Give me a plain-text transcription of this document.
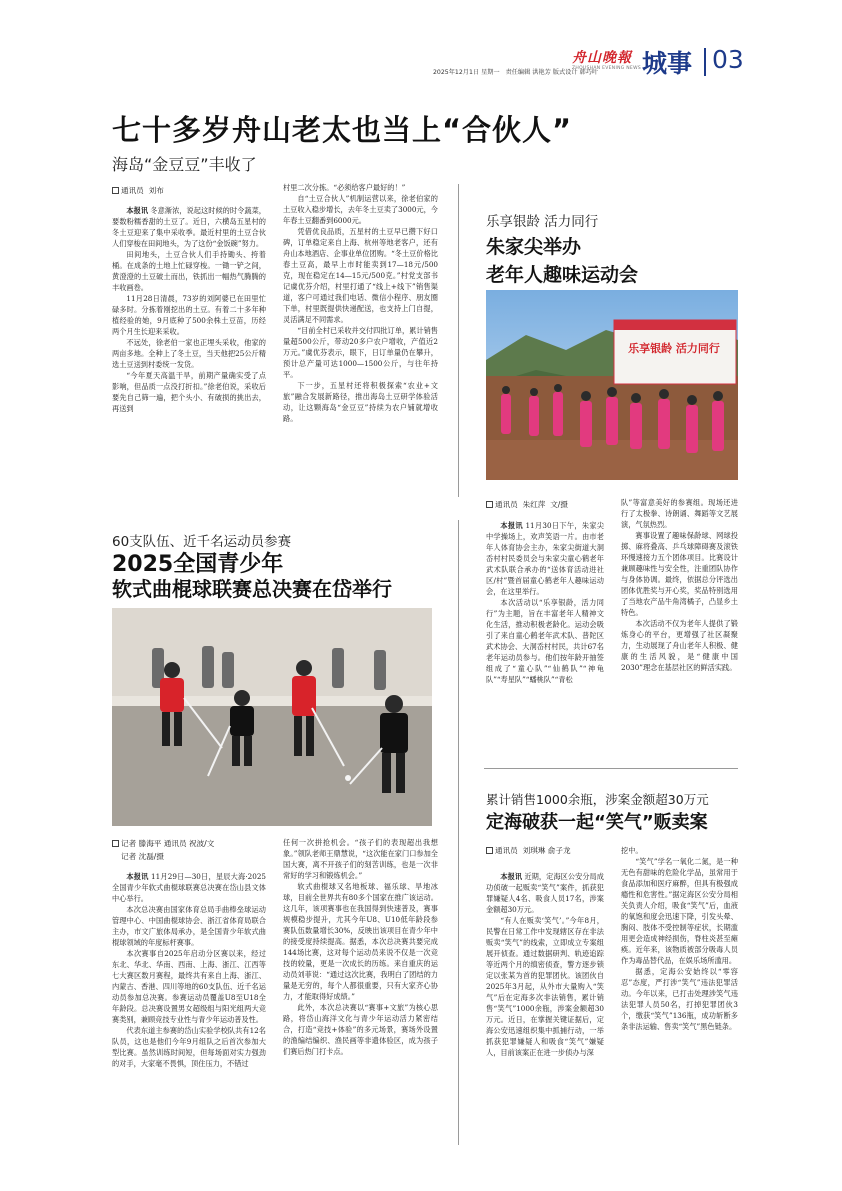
舟山晚報
ZHOUSHAN EVENING NEWS
2025年12月1日 星期一 责任编辑 洪艳芳 版式设计 韩巧叶 城事 03
七十多岁舟山老太也当上“合伙人”
海岛“金豆豆”丰收了
通讯员 刘布

本报讯 冬意渐浓，说起这时候的时令蔬菜，要数粉糯香甜的土豆了。近日，六横岛五星村的冬土豆迎来了集中采收季。最近村里的土豆合伙人们穿梭在田间地头，为了这份“金饭碗”努力。

田间地头，土豆合伙人们手持锄头、挎着桶。在成条的土地上忙碌穿梭。一锄一铲之间，黄澄澄的土豆破土而出，铁抓出一幅热气腾腾的丰收画卷。

11月28日清晨，73岁的刘阿婆已在田里忙碌多时。分拣着刚挖出的土豆。有着二十多年种植经验的她，9月底种了500余株土豆苗，历经两个月生长迎来采收。

不远处，徐老伯一家也正埋头采收，他家的两亩多地。全种上了冬土豆，当天他把25公斤精选土豆送到村委统一发货。

“今年夏天高温干旱，前期产量确实受了点影响，但品质一点没打折扣。”徐老伯说，采收后要先自己筛一遍，把个头小、有破损的挑出去，再送到

村里二次分拣。“必须给客户最好的！”

自“土豆合伙人”机制运营以来，徐老伯家的土豆收入稳步增长，去年冬土豆卖了3000元，今年春土豆翻番到6000元。

凭借优良品质，五星村的土豆早已攒下好口碑，订单稳定来自上海、杭州等地老客户，还有舟山本地酒店、企事业单位团购。“冬土豆价格比春土豆高，最早上市时能卖到17—18元/500克，现在稳定在14—15元/500克。”村党支部书记虞优芬介绍，村里打通了“线上+线下”销售渠道，客户可通过我们电话、微信小程序、朋友圈下单，村里既提供快递配送，也支持上门自提，灵活满足不同需求。

“目前全村已采收并交付四批订单，累计销售量超500公斤，带动20多户农户增收，产值近2万元。”虞优芬表示，眼下，日订单量仍在攀升，预计总产量可达1000—1500公斤，与往年持平。

下一步，五星村还将积极探索“农业+文旅”融合发展新路径，推出海岛土豆研学体验活动，让这颗海岛“金豆豆”持续为农户铺就增收路。

乐享银龄 活力同行
朱家尖举办
老年人趣味运动会
乐享银龄 活力同行
通讯员 朱红萍 文/摄

本报讯 11月30日下午，朱家尖中学操场上，欢声笑语一片。由市老年人体育协会主办，朱家尖街道大洞岙村村民委员会与朱家尖童心鹤老年武术队联合承办的“送体育活动进社区/村”暨首届童心鹤老年人趣味运动会，在这里举行。

本次活动以“乐享银龄，活力同行”为主题，旨在丰富老年人精神文化生活，推动积极老龄化。运动会吸引了来自童心鹤老年武术队、普陀区武术协会、大洞岙村村民，共计67名老年运动员参与。他们按年龄开抽签组成了“童心队”“仙鹤队”“神龟队”“寿星队”“蟠桃队”“青松

队”等富意美好的参赛组。现场还进行了太极拳、诗朗诵、舞蹈等文艺展演，气氛热烈。

赛事设置了趣味保龄球、网球投掷、麻将叠高、乒乓球障碍赛及滚铁环慢速接力五个团体项目。比赛设计兼顾趣味性与安全性，注重团队协作与身体协调。最终，依据总分评选出团体优胜奖与开心奖，奖品特别选用了当地农产品牛角湾橘子，凸显乡土特色。

本次活动不仅为老年人提供了锻炼身心的平台，更增强了社区凝聚力，生动展现了舟山老年人积极、健康的生活风貌，是“健康中国2030”理念在基层社区的鲜活实践。

60支队伍、近千名运动员参赛
2025全国青少年
软式曲棍球联赛总决赛在岱举行
记者 滕海平 通讯员 祝波/文
记者 沈磊/摄

本报讯 11月29日—30日，星辰大海·2025全国青少年软式曲棍球联赛总决赛在岱山县文体中心举行。

本次总决赛由国家体育总局手曲棒垒球运动管理中心、中国曲棍球协会、浙江省体育局联合主办，市文广旅体局承办，是全国青少年软式曲棍球领域的年度标杆赛事。

本次赛事自2025年启动分区赛以来，经过东北、华北、华南、西南、上海、浙江、江西等七大赛区数月赛程，最终共有来自上海、浙江、内蒙古、香港、四川等地的60支队伍、近千名运动员参加总决赛。参赛运动员覆盖U8至U18全年龄段。总决赛设置男女超级组与阳光组两大竞赛类别，兼顾竞技专业性与青少年运动普及性。

代表东道主参赛的岱山实验学校队共有12名队员，这也是他们今年9月组队之后首次参加大型比赛。虽然训练时间短，但每场面对实力强劲的对手，大家毫不畏惧，顶住压力，不错过

任何一次拼抢机会。“孩子们的表现超出我想象。”领队老师王鼎慧说，“这次能在家门口参加全国大赛，离不开孩子们的刻苦训练，也是一次非常好的学习和锻炼机会。”

软式曲棍球又名地板球、福乐球、旱地冰球，目前全世界共有80多个国家在推广该运动。这几年，该项赛事也在我国得到快速普及，赛事规模稳步提升，尤其今年U8、U10低年龄段参赛队伍数量增长30%，反映出该项目在青少年中的接受度持续提高。据悉，本次总决赛共要完成144场比赛，这对每个运动员来说不仅是一次竞技的较量，更是一次成长的历练。来自重庆的运动员刘菲说：“通过这次比赛，我明白了团结的力量是无穷的，每个人都很重要，只有大家齐心协力，才能取得好成绩。”

此外，本次总决赛以“赛事+文旅”为核心思路，将岱山海洋文化与青少年运动活力紧密结合，打造“竞技+体验”的多元场景，赛场外设置的渔编结编织、渔民画等非遗体验区，成为孩子们赛后热门打卡点。

累计销售1000余瓶，涉案金额超30万元
定海破获一起“笑气”贩卖案
通讯员 刘琪琳 俞子龙

本报讯 近期，定海区公安分局成功侦破一起贩卖“笑气”案件，抓获犯罪嫌疑人4名、吸食人员17名，涉案金额超30万元。

“有人在贩卖‘笑气’。”今年8月，民警在日常工作中发现辖区存在非法贩卖“笑气”的线索，立即成立专案组展开侦查。通过数据研判、轨迹追踪等近两个月的缜密侦查，警方逐步锁定以张某为首的犯罪团伙。该团伙自2025年3月起，从外市大量购入“笑气”后在定海多次非法销售，累计销售“笑气”1000余瓶，涉案金额超30万元。近日，在掌握关键证据后，定海公安迅速组织集中抓捕行动，一举抓获犯罪嫌疑人和吸食“笑气”嫌疑人，目前该案正在进一步侦办与深

挖中。

“笑气”学名一氧化二氮，是一种无色有甜味的危险化学品，虽常用于食品添加和医疗麻醉，但具有极强成瘾性和危害性。”据定海区公安分局相关负责人介绍，吸食“笑气”后，血液的氧饱和度会迅速下降，引发头晕、胸闷、肢体不受控制等症状，长期滥用更会造成神经损伤，脊柱炎甚至瘫痪。近年来，该物质被部分吸毒人员作为毒品替代品，在娱乐场所滥用。

据悉，定海公安始终以“零容忍”态度，严打涉“笑气”违法犯罪活动。今年以来，已打击处理涉笑气违法犯罪人员50名，打掉犯罪团伙3个，缴获“笑气”136瓶，成功斩断多条非法运输、售卖“笑气”黑色链条。
